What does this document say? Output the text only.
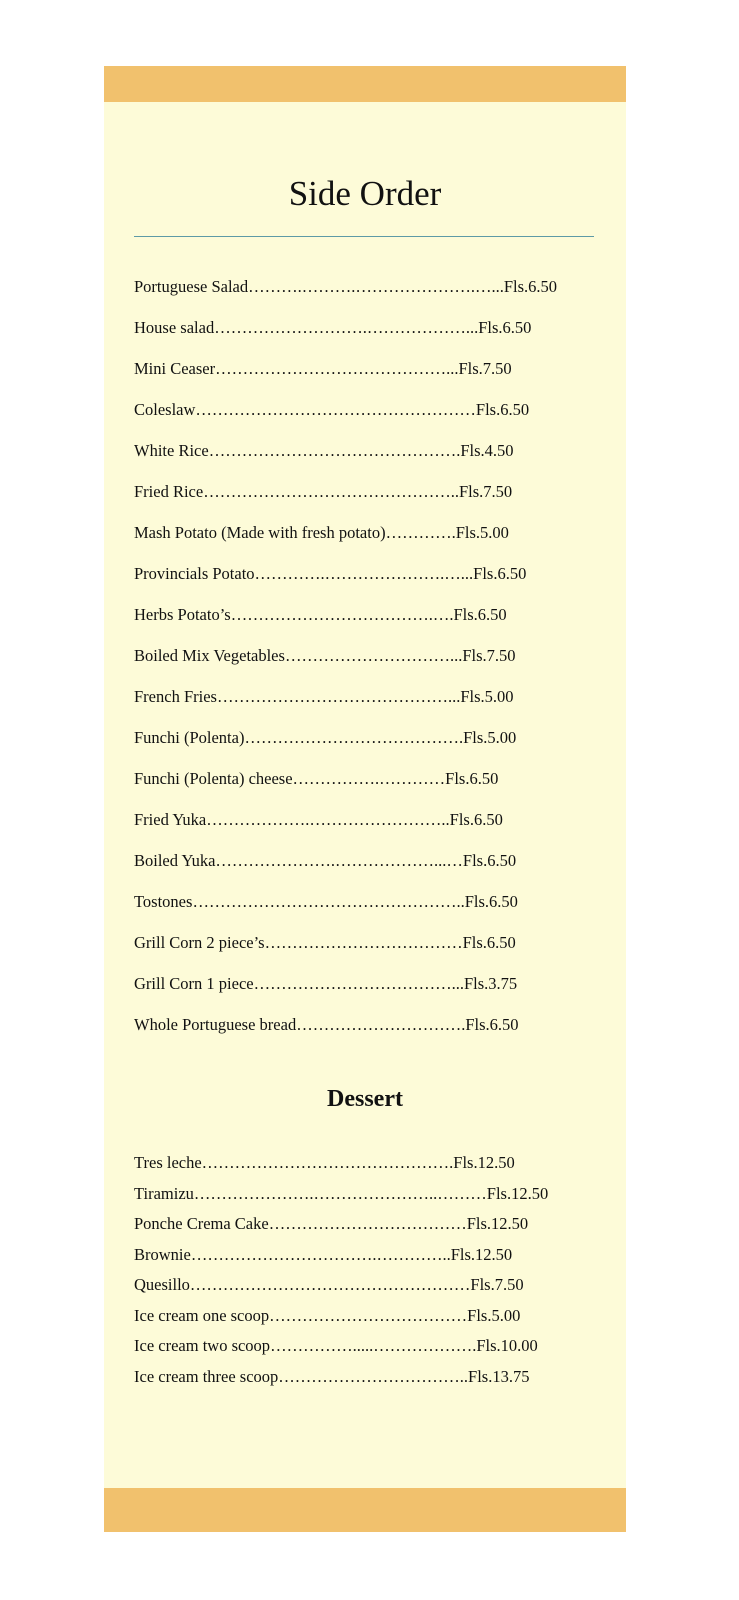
Side Order
Portuguese Salad ……….……….………………….…... Fls.6.50
House salad ……………………….………………... Fls.6.50
Mini Ceaser ……………………………………... Fls.7.50
Coleslaw …………………………………………… Fls.6.50
White Rice ………………………………………. Fls.4.50
Fried Rice ……………………………………….. Fls.7.50
Mash Potato (Made with fresh potato) …………. Fls.5.00
Provincials Potato ………….………………….…... Fls.6.50
Herbs Potato’s ……………………………….…. Fls.6.50
Boiled Mix Vegetables …………………………... Fls.7.50
French Fries ……………………………………... Fls.5.00
Funchi (Polenta) …………………………………. Fls.5.00
Funchi (Polenta) cheese …………….………… Fls.6.50
Fried Yuka ……………….…………………….. Fls.6.50
Boiled Yuka ………………….………………...… Fls.6.50
Tostones ………………………………………….. Fls.6.50
Grill Corn 2 piece’s ……………………………… Fls.6.50
Grill Corn 1 piece ………………………………... Fls.3.75
Whole Portuguese bread …………………………. Fls.6.50
Dessert
Tres leche ………………………………………. Fls.12.50
Tiramizu ………………….…………………..……… Fls.12.50
Ponche Crema Cake ……………………………… Fls.12.50
Brownie …………………………….………….. Fls.12.50
Quesillo …………………………………………… Fls.7.50
Ice cream one scoop ……………………………… Fls.5.00
Ice cream two scoop …………….....………………. Fls.10.00
Ice cream three scoop …………………………….. Fls.13.75
